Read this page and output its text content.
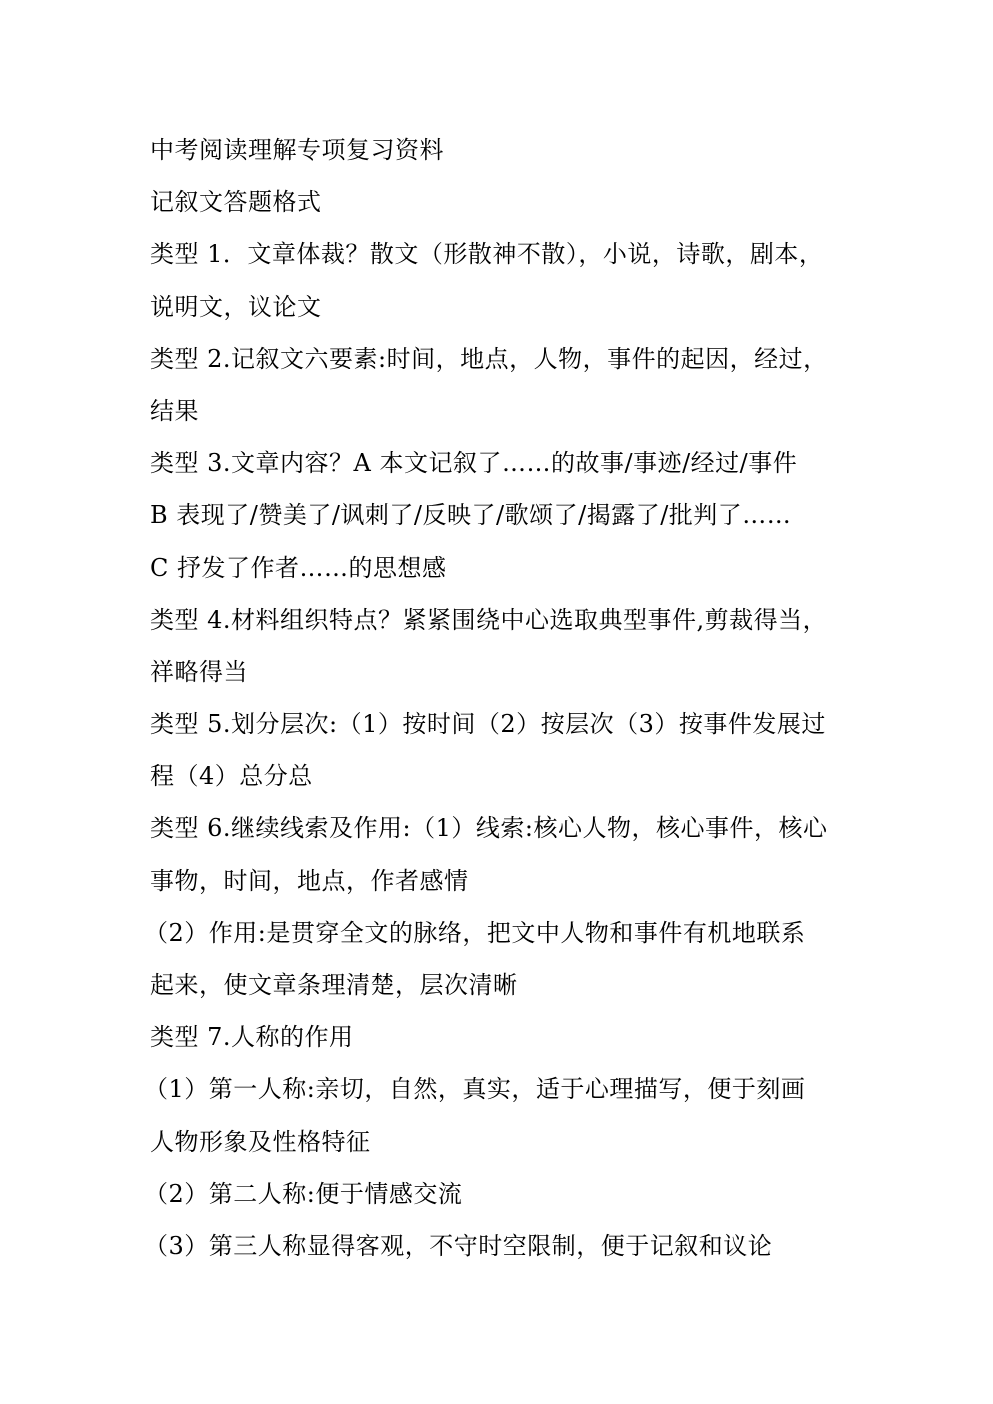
中考阅读理解专项复习资料
记叙文答题格式
类型 1．文章体裁？散文（形散神不散），小说，诗歌，剧本，
说明文，议论文
类型 2.记叙文六要素:时间，地点，人物，事件的起因，经过，
结果
类型 3.文章内容？A 本文记叙了……的故事/事迹/经过/事件
B 表现了/赞美了/讽刺了/反映了/歌颂了/揭露了/批判了……
C 抒发了作者……的思想感
类型 4.材料组织特点？紧紧围绕中心选取典型事件,剪裁得当，
祥略得当
类型 5.划分层次:（1）按时间（2）按层次（3）按事件发展过
程（4）总分总
类型 6.继续线索及作用:（1）线索:核心人物，核心事件，核心
事物，时间，地点，作者感情
（2）作用:是贯穿全文的脉络，把文中人物和事件有机地联系
起来，使文章条理清楚，层次清晰
类型 7.人称的作用
（1）第一人称:亲切，自然，真实，适于心理描写，便于刻画
人物形象及性格特征
（2）第二人称:便于情感交流
（3）第三人称显得客观，不守时空限制，便于记叙和议论
